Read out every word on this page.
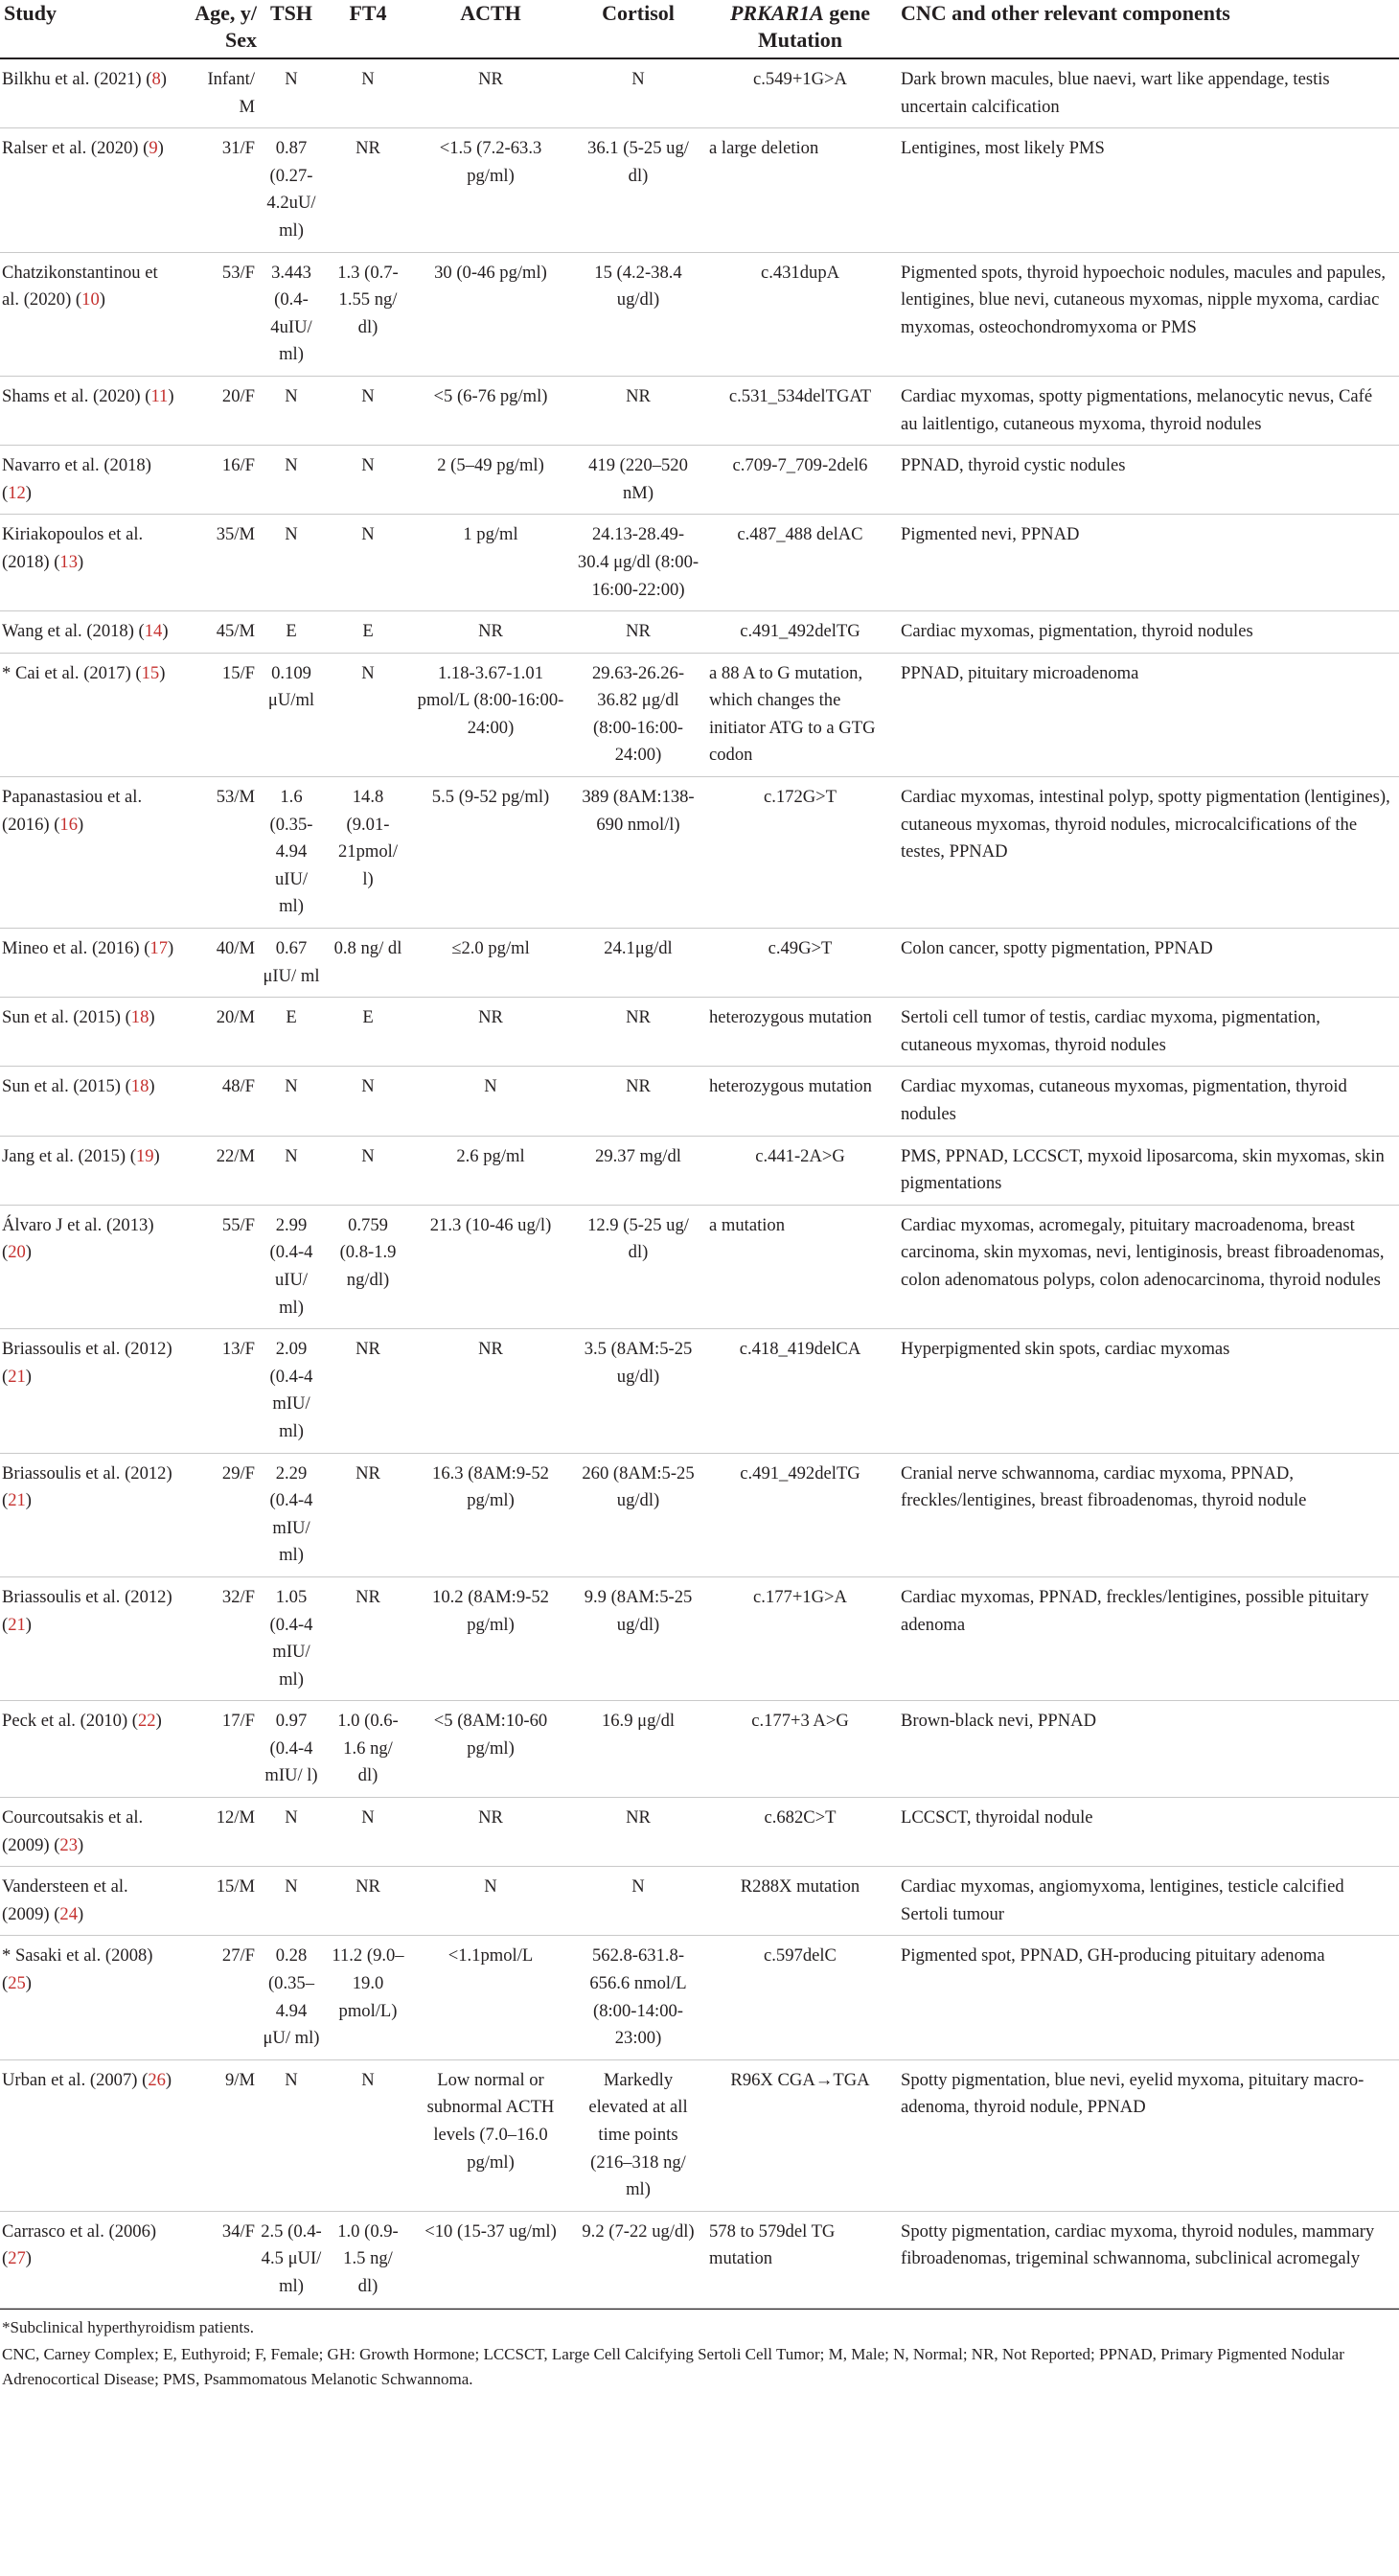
Study	Age, y/ Sex	TSH	FT4	ACTH	Cortisol	PRKAR1A gene Mutation	CNC and other relevant components
Bilkhu et al. (2021) (8)	Infant/ M	N	N	NR	N	c.549+1G>A	Dark brown macules, blue naevi, wart like appendage, testis uncertain calcification
Ralser et al. (2020) (9)	31/F	0.87 (0.27-4.2uU/ ml)	NR	<1.5 (7.2-63.3 pg/ml)	36.1 (5-25 ug/ dl)	a large deletion	Lentigines, most likely PMS
Chatzikonstantinou et al. (2020) (10)	53/F	3.443 (0.4-4uIU/ ml)	1.3 (0.7-1.55 ng/ dl)	30 (0-46 pg/ml)	15 (4.2-38.4 ug/dl)	c.431dupA	Pigmented spots, thyroid hypoechoic nodules, macules and papules, lentigines, blue nevi, cutaneous myxomas, nipple myxoma, cardiac myxomas, osteochondromyxoma or PMS
Shams et al. (2020) (11)	20/F	N	N	<5 (6-76 pg/ml)	NR	c.531_534delTGAT	Cardiac myxomas, spotty pigmentations, melanocytic nevus, Café au laitlentigo, cutaneous myxoma, thyroid nodules
Navarro et al. (2018) (12)	16/F	N	N	2 (5–49 pg/ml)	419 (220–520 nM)	c.709-7_709-2del6	PPNAD, thyroid cystic nodules
Kiriakopoulos et al. (2018) (13)	35/M	N	N	1 pg/ml	24.13-28.49-30.4 μg/dl (8:00-16:00-22:00)	c.487_488 delAC	Pigmented nevi, PPNAD
Wang et al. (2018) (14)	45/M	E	E	NR	NR	c.491_492delTG	Cardiac myxomas, pigmentation, thyroid nodules
* Cai et al. (2017) (15)	15/F	0.109 μU/ml	N	1.18-3.67-1.01 pmol/L (8:00-16:00-24:00)	29.63-26.26-36.82 μg/dl (8:00-16:00-24:00)	a 88 A to G mutation, which changes the initiator ATG to a GTG codon	PPNAD, pituitary microadenoma
Papanastasiou et al. (2016) (16)	53/M	1.6 (0.35-4.94 uIU/ ml)	14.8 (9.01-21pmol/ l)	5.5 (9-52 pg/ml)	389 (8AM:138-690 nmol/l)	c.172G>T	Cardiac myxomas, intestinal polyp, spotty pigmentation (lentigines), cutaneous myxomas, thyroid nodules, microcalcifications of the testes, PPNAD
Mineo et al. (2016) (17)	40/M	0.67 μIU/ ml	0.8 ng/ dl	≤2.0 pg/ml	24.1μg/dl	c.49G>T	Colon cancer, spotty pigmentation, PPNAD
Sun et al. (2015) (18)	20/M	E	E	NR	NR	heterozygous mutation	Sertoli cell tumor of testis, cardiac myxoma, pigmentation, cutaneous myxomas, thyroid nodules
Sun et al. (2015) (18)	48/F	N	N	N	NR	heterozygous mutation	Cardiac myxomas, cutaneous myxomas, pigmentation, thyroid nodules
Jang et al. (2015) (19)	22/M	N	N	2.6 pg/ml	29.37 mg/dl	c.441-2A>G	PMS, PPNAD, LCCSCT, myxoid liposarcoma, skin myxomas, skin pigmentations
Álvaro J et al. (2013) (20)	55/F	2.99 (0.4-4 uIU/ ml)	0.759 (0.8-1.9 ng/dl)	21.3 (10-46 ug/l)	12.9 (5-25 ug/ dl)	a mutation	Cardiac myxomas, acromegaly, pituitary macroadenoma, breast carcinoma, skin myxomas, nevi, lentiginosis, breast fibroadenomas, colon adenomatous polyps, colon adenocarcinoma, thyroid nodules
Briassoulis et al. (2012) (21)	13/F	2.09 (0.4-4 mIU/ ml)	NR	NR	3.5 (8AM:5-25 ug/dl)	c.418_419delCA	Hyperpigmented skin spots, cardiac myxomas
Briassoulis et al. (2012) (21)	29/F	2.29 (0.4-4 mIU/ ml)	NR	16.3 (8AM:9-52 pg/ml)	260 (8AM:5-25 ug/dl)	c.491_492delTG	Cranial nerve schwannoma, cardiac myxoma, PPNAD, freckles/lentigines, breast fibroadenomas, thyroid nodule
Briassoulis et al. (2012) (21)	32/F	1.05 (0.4-4 mIU/ ml)	NR	10.2 (8AM:9-52 pg/ml)	9.9 (8AM:5-25 ug/dl)	c.177+1G>A	Cardiac myxomas, PPNAD, freckles/lentigines, possible pituitary adenoma
Peck et al. (2010) (22)	17/F	0.97 (0.4-4 mIU/ l)	1.0 (0.6-1.6 ng/ dl)	<5 (8AM:10-60 pg/ml)	16.9 μg/dl	c.177+3 A>G	Brown-black nevi, PPNAD
Courcoutsakis et al. (2009) (23)	12/M	N	N	NR	NR	c.682C>T	LCCSCT, thyroidal nodule
Vandersteen et al. (2009) (24)	15/M	N	NR	N	N	R288X mutation	Cardiac myxomas, angiomyxoma, lentigines, testicle calcified Sertoli tumour
* Sasaki et al. (2008) (25)	27/F	0.28 (0.35–4.94 μU/ ml)	11.2 (9.0–19.0 pmol/L)	<1.1pmol/L	562.8-631.8-656.6 nmol/L (8:00-14:00-23:00)	c.597delC	Pigmented spot, PPNAD, GH-producing pituitary adenoma
Urban et al. (2007) (26)	9/M	N	N	Low normal or subnormal ACTH levels (7.0–16.0 pg/ml)	Markedly elevated at all time points (216–318 ng/ ml)	R96X CGA→TGA	Spotty pigmentation, blue nevi, eyelid myxoma, pituitary macro-adenoma, thyroid nodule, PPNAD
Carrasco et al. (2006) (27)	34/F	2.5 (0.4-4.5 μUI/ ml)	1.0 (0.9-1.5 ng/ dl)	<10 (15-37 ug/ml)	9.2 (7-22 ug/dl)	578 to 579del TG mutation	Spotty pigmentation, cardiac myxoma, thyroid nodules, mammary fibroadenomas, trigeminal schwannoma, subclinical acromegaly

*Subclinical hyperthyroidism patients.

CNC, Carney Complex; E, Euthyroid; F, Female; GH: Growth Hormone; LCCSCT, Large Cell Calcifying Sertoli Cell Tumor; M, Male; N, Normal; NR, Not Reported; PPNAD, Primary Pigmented Nodular Adrenocortical Disease; PMS, Psammomatous Melanotic Schwannoma.
